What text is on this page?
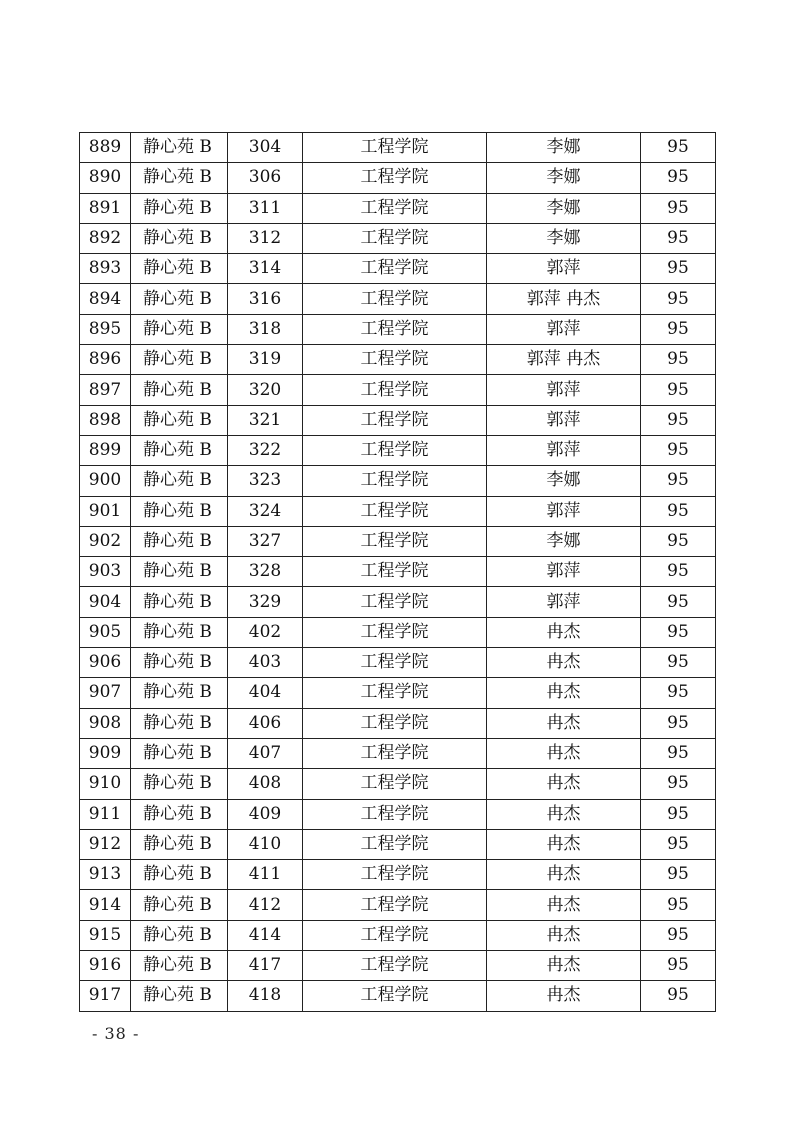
889	静心苑 B	304	工程学院	李娜	95
890	静心苑 B	306	工程学院	李娜	95
891	静心苑 B	311	工程学院	李娜	95
892	静心苑 B	312	工程学院	李娜	95
893	静心苑 B	314	工程学院	郭萍	95
894	静心苑 B	316	工程学院	郭萍 冉杰	95
895	静心苑 B	318	工程学院	郭萍	95
896	静心苑 B	319	工程学院	郭萍 冉杰	95
897	静心苑 B	320	工程学院	郭萍	95
898	静心苑 B	321	工程学院	郭萍	95
899	静心苑 B	322	工程学院	郭萍	95
900	静心苑 B	323	工程学院	李娜	95
901	静心苑 B	324	工程学院	郭萍	95
902	静心苑 B	327	工程学院	李娜	95
903	静心苑 B	328	工程学院	郭萍	95
904	静心苑 B	329	工程学院	郭萍	95
905	静心苑 B	402	工程学院	冉杰	95
906	静心苑 B	403	工程学院	冉杰	95
907	静心苑 B	404	工程学院	冉杰	95
908	静心苑 B	406	工程学院	冉杰	95
909	静心苑 B	407	工程学院	冉杰	95
910	静心苑 B	408	工程学院	冉杰	95
911	静心苑 B	409	工程学院	冉杰	95
912	静心苑 B	410	工程学院	冉杰	95
913	静心苑 B	411	工程学院	冉杰	95
914	静心苑 B	412	工程学院	冉杰	95
915	静心苑 B	414	工程学院	冉杰	95
916	静心苑 B	417	工程学院	冉杰	95
917	静心苑 B	418	工程学院	冉杰	95
- 38 -
